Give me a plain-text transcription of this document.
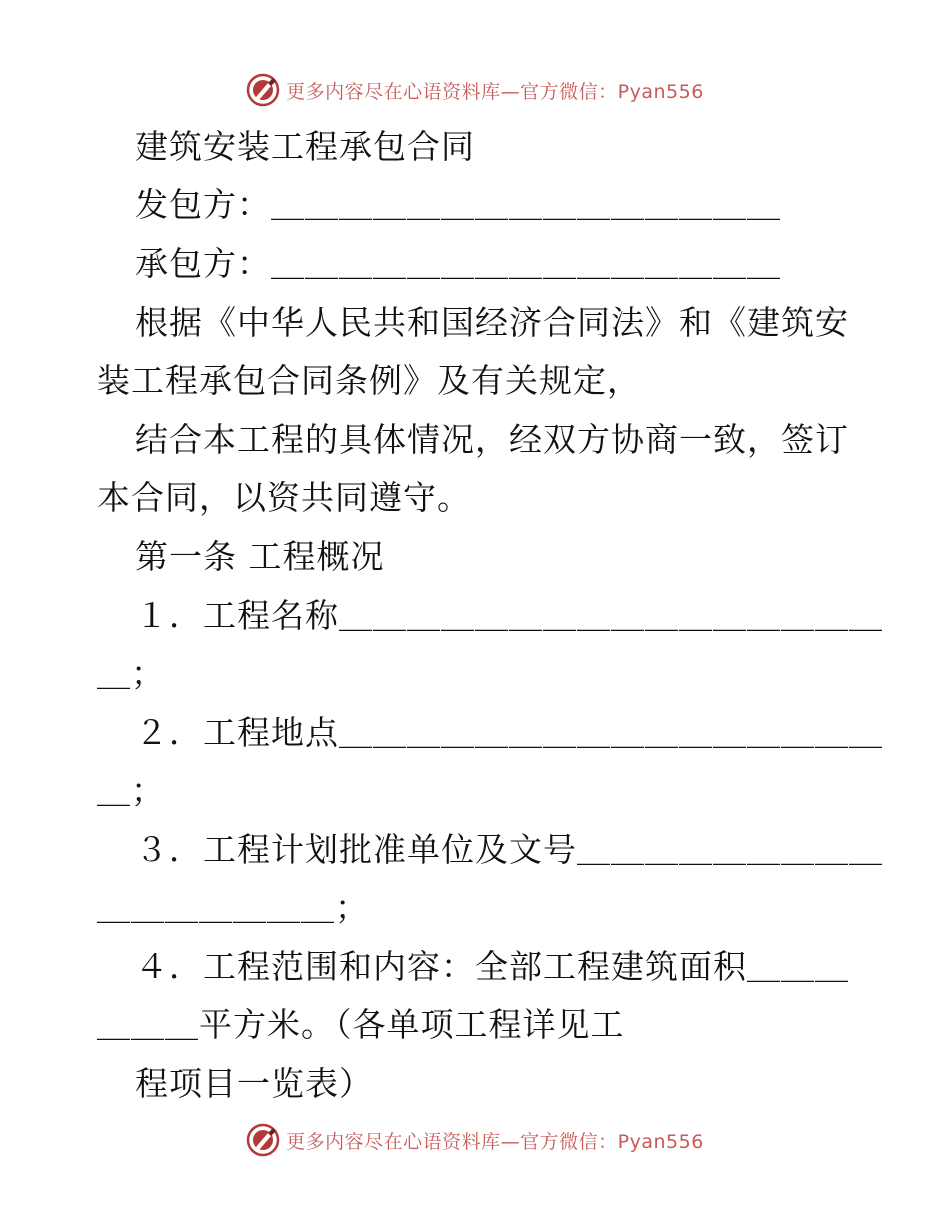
更多内容尽在心语资料库—官方微信：Pyan556
建筑安装工程承包合同
发包方：＿＿＿＿＿＿＿＿＿＿＿＿＿＿＿
承包方：＿＿＿＿＿＿＿＿＿＿＿＿＿＿＿
根据《中华人民共和国经济合同法》和《建筑安
装工程承包合同条例》及有关规定，
结合本工程的具体情况，经双方协商一致，签订
本合同，以资共同遵守。
第一条 工程概况
１．工程名称＿＿＿＿＿＿＿＿＿＿＿＿＿＿＿＿
＿；
２．工程地点＿＿＿＿＿＿＿＿＿＿＿＿＿＿＿＿
＿；
３．工程计划批准单位及文号＿＿＿＿＿＿＿＿＿
＿＿＿＿＿＿＿；
４．工程范围和内容：全部工程建筑面积＿＿＿
＿＿＿平方米。（各单项工程详见工
程项目一览表）
更多内容尽在心语资料库—官方微信：Pyan556
